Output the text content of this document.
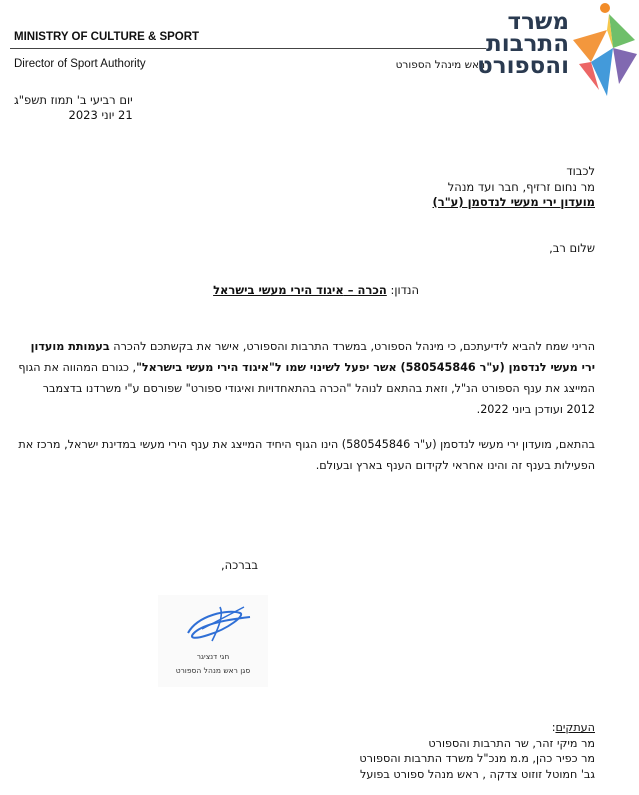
MINISTRY OF CULTURE & SPORT
Director of Sport Authority	ראש מינהל הספורט
משרד
התרבות
והספורט
יום רביעי ב' תמוז תשפ"ג
21 יוני 2023
לכבוד
מר נחום זרזיף, חבר ועד מנהל
מועדון ירי מעשי לנדסמן (ע"ר)
שלום רב,
הנדון: הכרה – איגוד הירי מעשי בישראל
הריני שמח להביא לידיעתכם, כי מינהל הספורט, במשרד התרבות והספורט, אישר את בקשתכם להכרה בעמותת מועדון ירי מעשי לנדסמן (ע"ר 580545846) אשר יפעל לשינוי שמו ל"איגוד הירי מעשי בישראל", כגורם המהווה את הגוף המייצג את ענף הספורט הנ"ל, וזאת בהתאם לנוהל "הכרה בהתאחדויות ואיגודי ספורט" שפורסם ע"י משרדנו בדצמבר 2012 ועודכן ביוני 2022.
בהתאם, מועדון ירי מעשי לנדסמן (ע"ר 580545846) הינו הגוף היחיד המייצג את ענף הירי מעשי במדינת ישראל, מרכז את הפעילות בענף זה והינו אחראי לקידום הענף בארץ ובעולם.
בברכה,
חגי דנציגר
סגן ראש מנהל הספורט
העתקים:
מר מיקי זהר, שר התרבות והספורט
מר כפיר כהן, מ.מ מנכ"ל משרד התרבות והספורט
גב' חמוטל זוזוט צדקה , ראש מנהל ספורט בפועל
